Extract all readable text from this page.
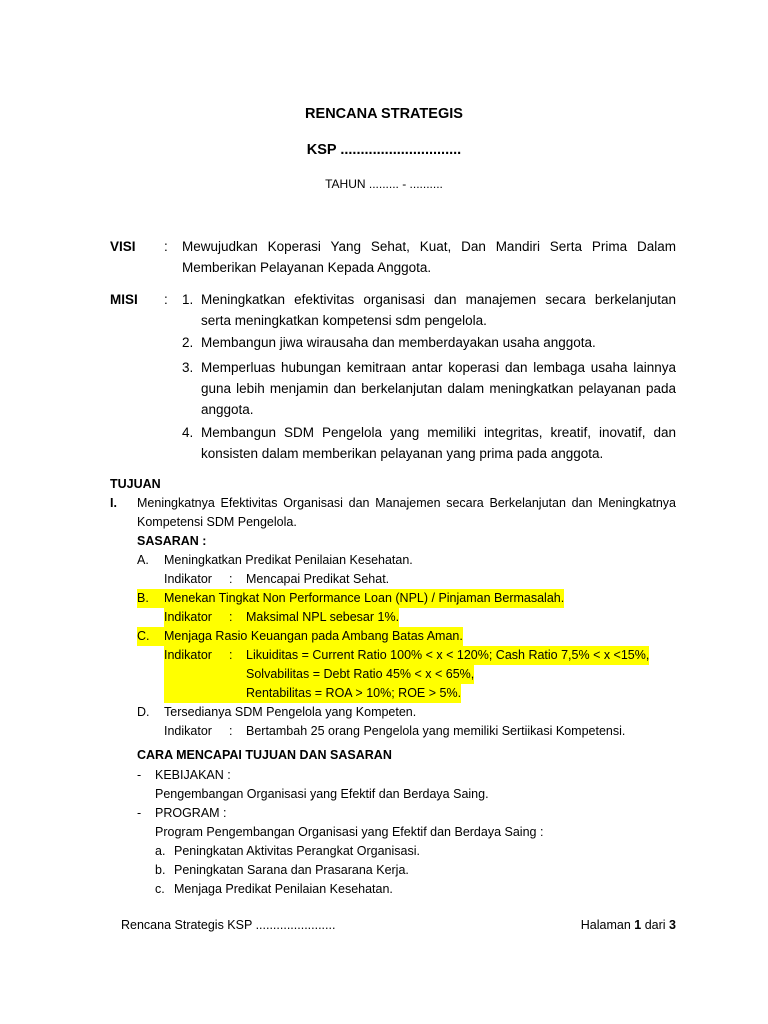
RENCANA STRATEGIS
KSP ..............................
TAHUN ......... - ..........
VISI : Mewujudkan Koperasi Yang Sehat, Kuat, Dan Mandiri Serta Prima Dalam Memberikan Pelayanan Kepada Anggota.
MISI : 1. Meningkatkan efektivitas organisasi dan manajemen secara berkelanjutan serta meningkatkan kompetensi sdm pengelola.
2. Membangun jiwa wirausaha dan memberdayakan usaha anggota.
3. Memperluas hubungan kemitraan antar koperasi dan lembaga usaha lainnya guna lebih menjamin dan berkelanjutan dalam meningkatkan pelayanan pada anggota.
4. Membangun SDM Pengelola yang memiliki integritas, kreatif, inovatif, dan konsisten dalam memberikan pelayanan yang prima pada anggota.
TUJUAN
I. Meningkatnya Efektivitas Organisasi dan Manajemen secara Berkelanjutan dan Meningkatnya Kompetensi SDM Pengelola.
SASARAN :
A. Meningkatkan Predikat Penilaian Kesehatan.
Indikator : Mencapai Predikat Sehat.
B.	Menekan Tingkat Non Performance Loan (NPL) / Pinjaman Bermasalah.
Indikator	:	Maksimal NPL sebesar 1%.
C.	Menjaga Rasio Keuangan pada Ambang Batas Aman.
Indikator	:	Likuiditas = Current Ratio 100% < x < 120%; Cash Ratio 7,5% < x <15%,
Solvabilitas = Debt Ratio 45% < x < 65%,
Rentabilitas = ROA > 10%; ROE > 5%.
D. Tersedianya SDM Pengelola yang Kompeten.
Indikator : Bertambah 25 orang Pengelola yang memiliki Sertiikasi Kompetensi.
CARA MENCAPAI TUJUAN DAN SASARAN
- KEBIJAKAN :
Pengembangan Organisasi yang Efektif dan Berdaya Saing.
- PROGRAM :
Program Pengembangan Organisasi yang Efektif dan Berdaya Saing :
a. Peningkatan Aktivitas Perangkat Organisasi.
b. Peningkatan Sarana dan Prasarana Kerja.
c. Menjaga Predikat Penilaian Kesehatan.
Rencana Strategis KSP .......................	Halaman 1 dari 3
